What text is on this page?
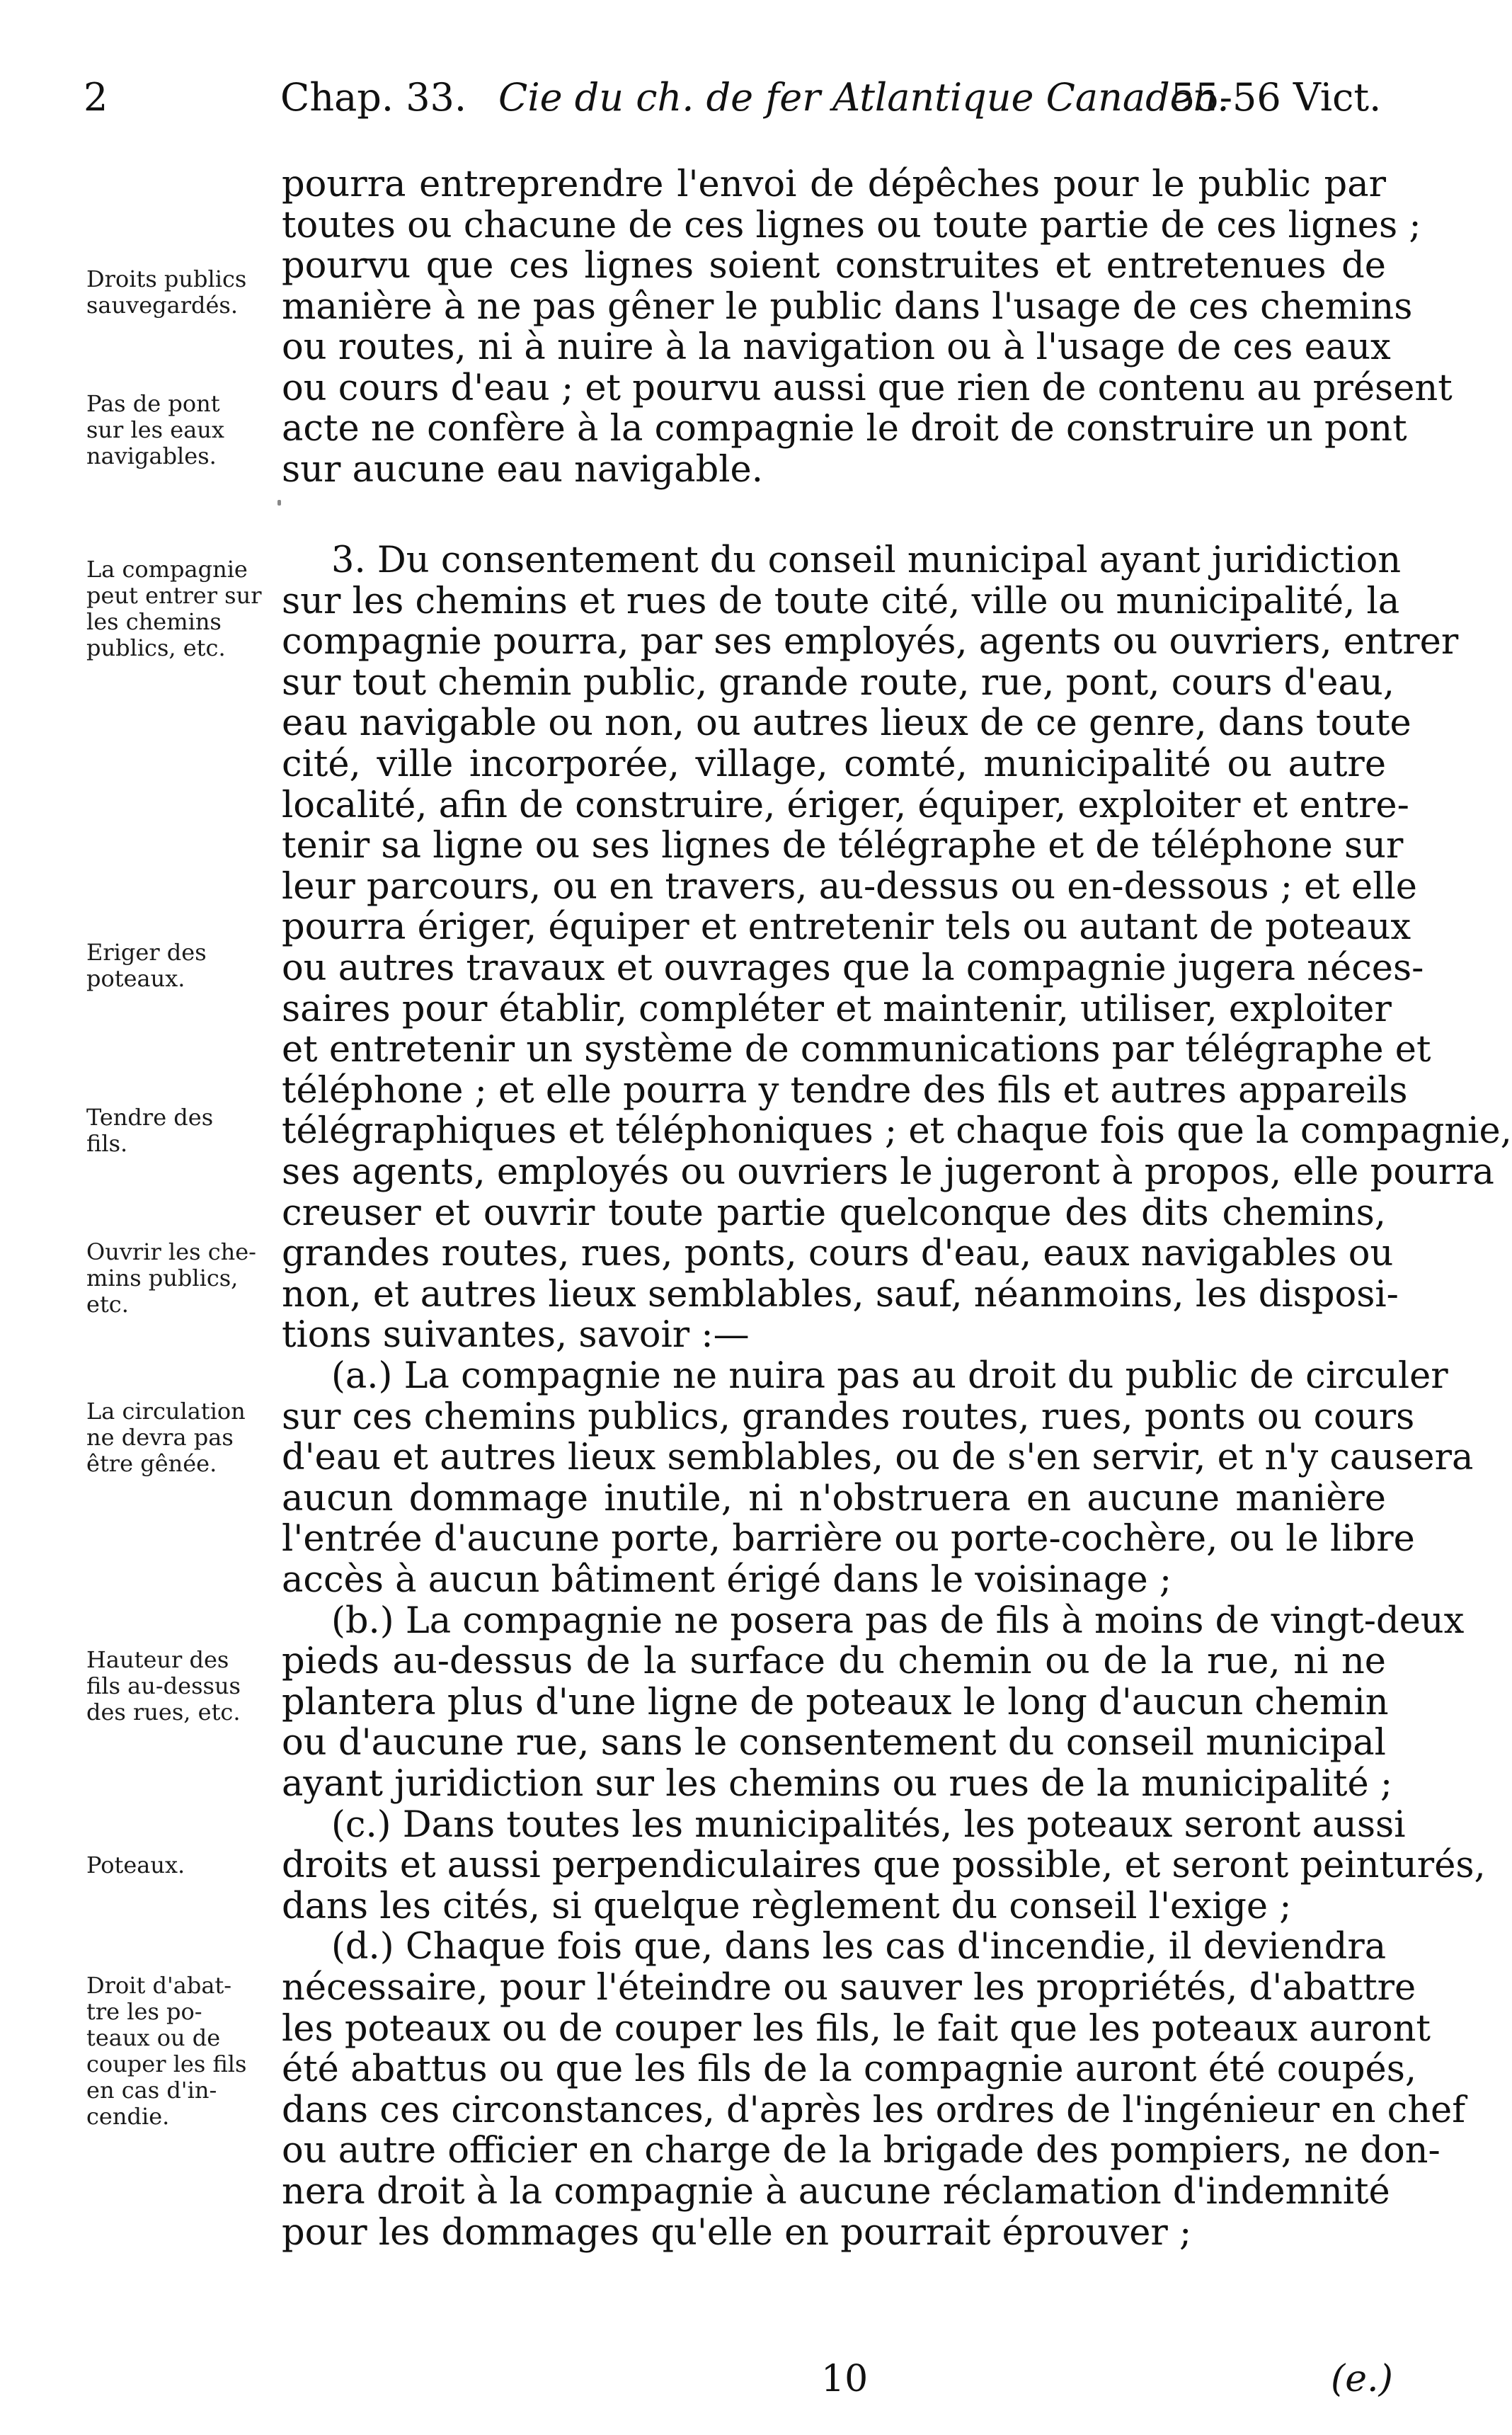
2	Chap. 33. Cie du ch. de fer Atlantique Canaden.
55-56 Vict.
pourra entreprendre l'envoi de dépêches pour le public par
toutes ou chacune de ces lignes ou toute partie de ces lignes ;
pourvu que ces lignes soient construites et entretenues de
manière à ne pas gêner le public dans l'usage de ces chemins
ou routes, ni à nuire à la navigation ou à l'usage de ces eaux
ou cours d'eau ; et pourvu aussi que rien de contenu au présent
acte ne confère à la compagnie le droit de construire un pont
sur aucune eau navigable.
3. Du consentement du conseil municipal ayant juridiction
sur les chemins et rues de toute cité, ville ou municipalité, la
compagnie pourra, par ses employés, agents ou ouvriers, entrer
sur tout chemin public, grande route, rue, pont, cours d'eau,
eau navigable ou non, ou autres lieux de ce genre, dans toute
cité, ville incorporée, village, comté, municipalité ou autre
localité, afin de construire, ériger, équiper, exploiter et entre-
tenir sa ligne ou ses lignes de télégraphe et de téléphone sur
leur parcours, ou en travers, au-dessus ou en-dessous ; et elle
pourra ériger, équiper et entretenir tels ou autant de poteaux
ou autres travaux et ouvrages que la compagnie jugera néces-
saires pour établir, compléter et maintenir, utiliser, exploiter
et entretenir un système de communications par télégraphe et
téléphone ; et elle pourra y tendre des fils et autres appareils
télégraphiques et téléphoniques ; et chaque fois que la compagnie,
ses agents, employés ou ouvriers le jugeront à propos, elle pourra
creuser et ouvrir toute partie quelconque des dits chemins,
grandes routes, rues, ponts, cours d'eau, eaux navigables ou
non, et autres lieux semblables, sauf, néanmoins, les disposi-
tions suivantes, savoir :—
(a.) La compagnie ne nuira pas au droit du public de circuler
sur ces chemins publics, grandes routes, rues, ponts ou cours
d'eau et autres lieux semblables, ou de s'en servir, et n'y causera
aucun dommage inutile, ni n'obstruera en aucune manière
l'entrée d'aucune porte, barrière ou porte-cochère, ou le libre
accès à aucun bâtiment érigé dans le voisinage ;
(b.) La compagnie ne posera pas de fils à moins de vingt-deux
pieds au-dessus de la surface du chemin ou de la rue, ni ne
plantera plus d'une ligne de poteaux le long d'aucun chemin
ou d'aucune rue, sans le consentement du conseil municipal
ayant juridiction sur les chemins ou rues de la municipalité ;
(c.) Dans toutes les municipalités, les poteaux seront aussi
droits et aussi perpendiculaires que possible, et seront peinturés,
dans les cités, si quelque règlement du conseil l'exige ;
(d.) Chaque fois que, dans les cas d'incendie, il deviendra
nécessaire, pour l'éteindre ou sauver les propriétés, d'abattre
les poteaux ou de couper les fils, le fait que les poteaux auront
été abattus ou que les fils de la compagnie auront été coupés,
dans ces circonstances, d'après les ordres de l'ingénieur en chef
ou autre officier en charge de la brigade des pompiers, ne don-
nera droit à la compagnie à aucune réclamation d'indemnité
pour les dommages qu'elle en pourrait éprouver ;
Droits publics
sauvegardés.
Pas de pont
sur les eaux
navigables.
La compagnie
peut entrer sur
les chemins
publics, etc.
Eriger des
poteaux.
Tendre des
fils.
Ouvrir les che-
mins publics,
etc.
La circulation
ne devra pas
être gênée.
Hauteur des
fils au-dessus
des rues, etc.
Poteaux.
Droit d'abat-
tre les po-
teaux ou de
couper les fils
en cas d'in-
cendie.
10	(e.)
